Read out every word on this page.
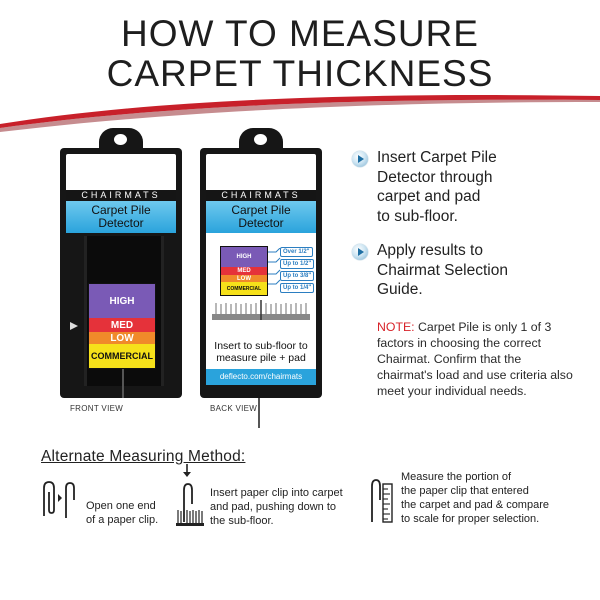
HOW TO MEASURE
CARPET THICKNESS
CHAIRMATS
Carpet Pile
Detector
HIGH
MED
LOW
COMMERCIAL
FRONT VIEW
CHAIRMATS
Carpet Pile
Detector
HIGH
MED
LOW
COMMERCIAL
Over 1/2"
Up to 1/2"
Up to 3/8"
Up to 1/4"
Insert to sub-floor to
measure pile + pad
deflecto.com/chairmats
BACK VIEW
Insert Carpet Pile
Detector through
carpet and pad
to sub-floor.
Apply results to
Chairmat Selection
Guide.
NOTE: Carpet Pile is only 1 of 3 factors in choosing the correct Chairmat. Confirm that the chairmat's load and use criteria also meet your individual needs.
Alternate Measuring Method:
Open one end
of a paper clip.
Insert paper clip into carpet
and pad, pushing down to
the sub-floor.
Measure the portion of
the paper clip that entered
the carpet and pad & compare
to scale for proper selection.
